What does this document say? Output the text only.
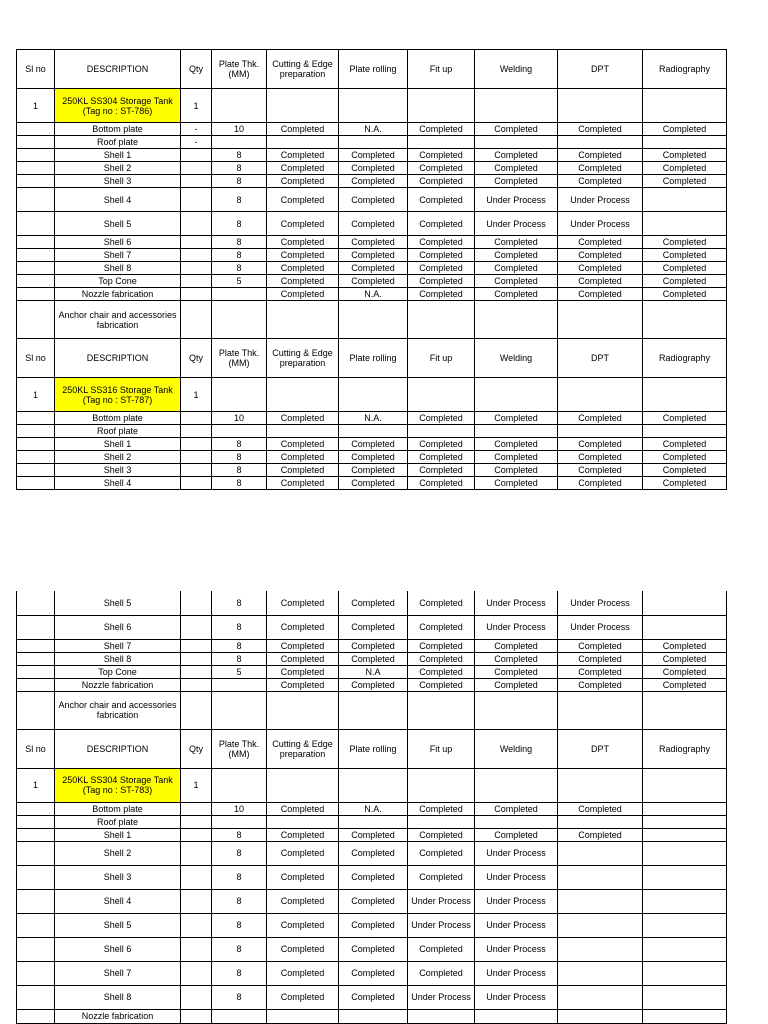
Sl no	DESCRIPTION	Qty	Plate Thk. (MM)	Cutting & Edge preparation	Plate rolling	Fit up	Welding	DPT	Radiography
1	250KL SS304 Storage Tank (Tag no : ST-786)	1							
	Bottom plate	-	10	Completed	N.A.	Completed	Completed	Completed	Completed
	Roof plate	-							
	Shell 1		8	Completed	Completed	Completed	Completed	Completed	Completed
	Shell 2		8	Completed	Completed	Completed	Completed	Completed	Completed
	Shell 3		8	Completed	Completed	Completed	Completed	Completed	Completed
	Shell 4		8	Completed	Completed	Completed	Under Process	Under Process	
	Shell 5		8	Completed	Completed	Completed	Under Process	Under Process	
	Shell 6		8	Completed	Completed	Completed	Completed	Completed	Completed
	Shell 7		8	Completed	Completed	Completed	Completed	Completed	Completed
	Shell 8		8	Completed	Completed	Completed	Completed	Completed	Completed
	Top Cone		5	Completed	Completed	Completed	Completed	Completed	Completed
	Nozzle fabrication			Completed	N.A.	Completed	Completed	Completed	Completed
	Anchor chair and accessories fabrication								
Sl no	DESCRIPTION	Qty	Plate Thk. (MM)	Cutting & Edge preparation	Plate rolling	Fit up	Welding	DPT	Radiography
1	250KL SS316 Storage Tank (Tag no : ST-787)	1							
	Bottom plate		10	Completed	N.A.	Completed	Completed	Completed	Completed
	Roof plate								
	Shell 1		8	Completed	Completed	Completed	Completed	Completed	Completed
	Shell 2		8	Completed	Completed	Completed	Completed	Completed	Completed
	Shell 3		8	Completed	Completed	Completed	Completed	Completed	Completed
	Shell 4		8	Completed	Completed	Completed	Completed	Completed	Completed
	Shell 5		8	Completed	Completed	Completed	Under Process	Under Process	
	Shell 6		8	Completed	Completed	Completed	Under Process	Under Process	
	Shell 7		8	Completed	Completed	Completed	Completed	Completed	Completed
	Shell 8		8	Completed	Completed	Completed	Completed	Completed	Completed
	Top Cone		5	Completed	N.A	Completed	Completed	Completed	Completed
	Nozzle fabrication			Completed	Completed	Completed	Completed	Completed	Completed
	Anchor chair and accessories fabrication								
Sl no	DESCRIPTION	Qty	Plate Thk. (MM)	Cutting & Edge preparation	Plate rolling	Fit up	Welding	DPT	Radiography
1	250KL SS304 Storage Tank (Tag no : ST-783)	1							
	Bottom plate		10	Completed	N.A.	Completed	Completed	Completed	
	Roof plate								
	Shell 1		8	Completed	Completed	Completed	Completed	Completed	
	Shell 2		8	Completed	Completed	Completed	Under Process		
	Shell 3		8	Completed	Completed	Completed	Under Process		
	Shell 4		8	Completed	Completed	Under Process	Under Process		
	Shell 5		8	Completed	Completed	Under Process	Under Process		
	Shell 6		8	Completed	Completed	Completed	Under Process		
	Shell 7		8	Completed	Completed	Completed	Under Process		
	Shell 8		8	Completed	Completed	Under Process	Under Process		
	Nozzle fabrication								
